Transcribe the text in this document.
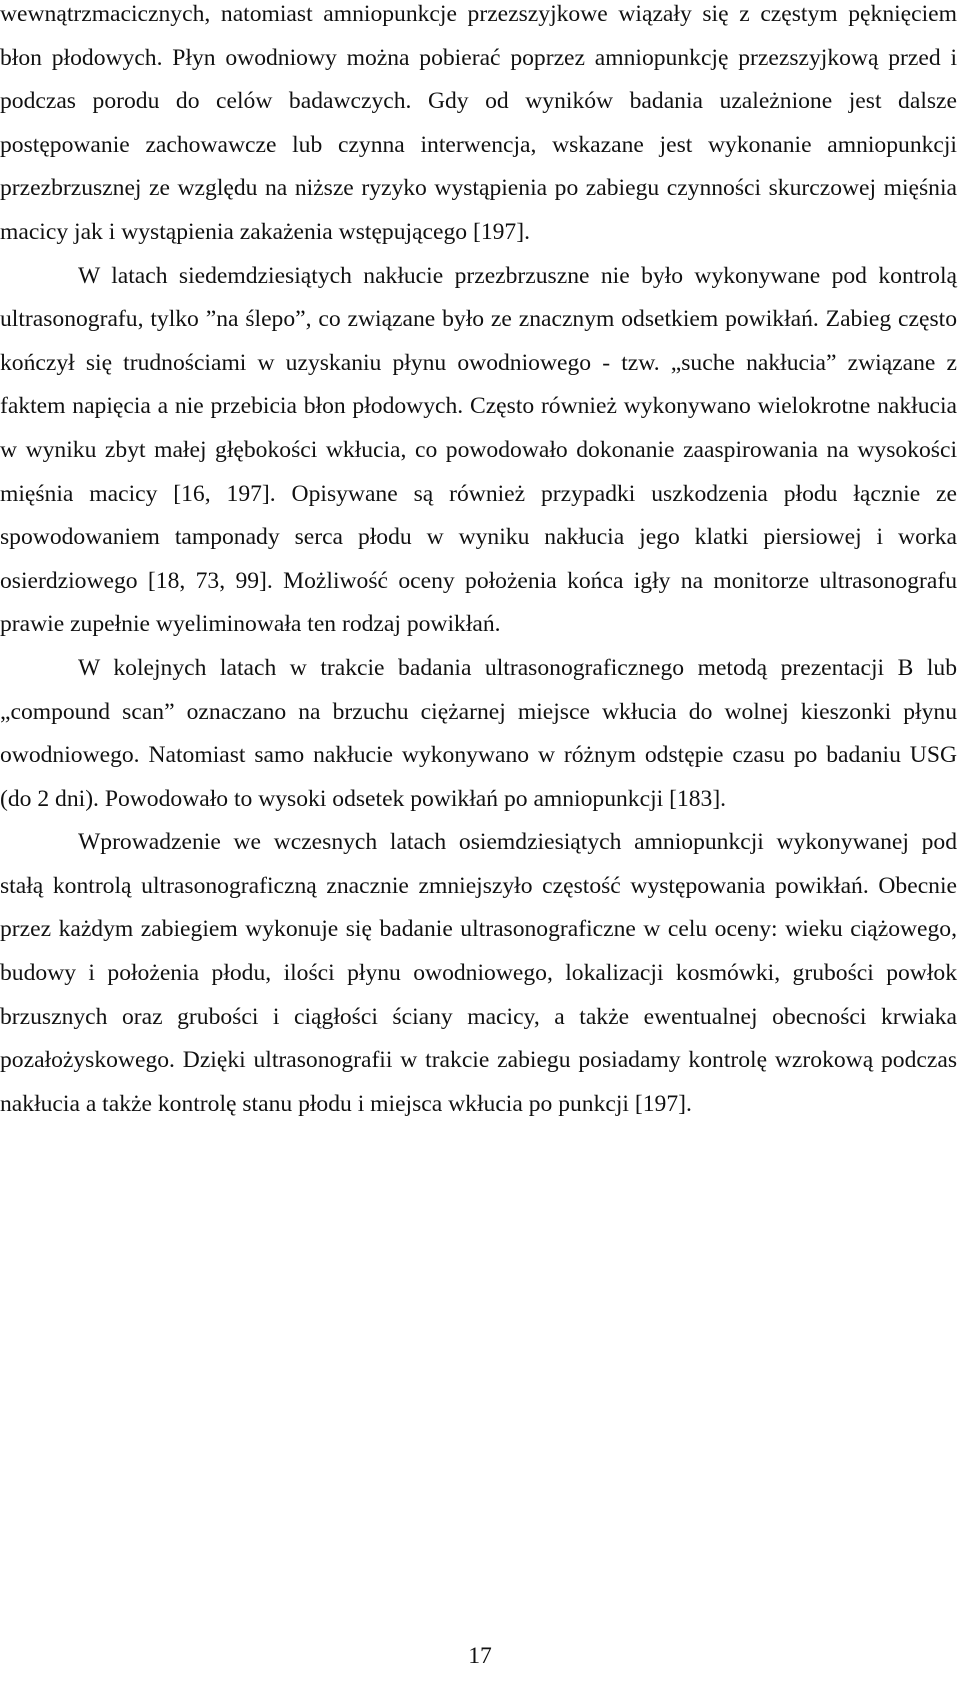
wewnątrzmacicznych, natomiast amniopunkcje przezszyjkowe wiązały się z częstym pęknięciem błon płodowych. Płyn owodniowy można pobierać poprzez amniopunkcję przezszyjkową przed i podczas porodu do celów badawczych. Gdy od wyników badania uzależnione jest dalsze postępowanie zachowawcze lub czynna interwencja, wskazane jest wykonanie amniopunkcji przezbrzusznej ze względu na niższe ryzyko wystąpienia po zabiegu czynności skurczowej mięśnia macicy jak i wystąpienia zakażenia wstępującego [197].

W latach siedemdziesiątych nakłucie przezbrzuszne nie było wykonywane pod kontrolą ultrasonografu, tylko ”na ślepo”, co związane było ze znacznym odsetkiem powikłań. Zabieg często kończył się trudnościami w uzyskaniu płynu owodniowego - tzw. „suche nakłucia” związane z faktem napięcia a nie przebicia błon płodowych. Często również wykonywano wielokrotne nakłucia w wyniku zbyt małej głębokości wkłucia, co powodowało dokonanie zaaspirowania na wysokości mięśnia macicy [16, 197]. Opisywane są również przypadki uszkodzenia płodu łącznie ze spowodowaniem tamponady serca płodu w wyniku nakłucia jego klatki piersiowej i worka osierdziowego [18, 73, 99]. Możliwość oceny położenia końca igły na monitorze ultrasonografu prawie zupełnie wyeliminowała ten rodzaj powikłań.

W kolejnych latach w trakcie badania ultrasonograficznego metodą prezentacji B lub „compound scan” oznaczano na brzuchu ciężarnej miejsce wkłucia do wolnej kieszonki płynu owodniowego. Natomiast samo nakłucie wykonywano w różnym odstępie czasu po badaniu USG (do 2 dni). Powodowało to wysoki odsetek powikłań po amniopunkcji [183].

Wprowadzenie we wczesnych latach osiemdziesiątych amniopunkcji wykonywanej pod stałą kontrolą ultrasonograficzną znacznie zmniejszyło częstość występowania powikłań. Obecnie przez każdym zabiegiem wykonuje się badanie ultrasonograficzne w celu oceny: wieku ciążowego, budowy i położenia płodu, ilości płynu owodniowego, lokalizacji kosmówki, grubości powłok brzusznych oraz grubości i ciągłości ściany macicy, a także ewentualnej obecności krwiaka pozałożyskowego. Dzięki ultrasonografii w trakcie zabiegu posiadamy kontrolę wzrokową podczas nakłucia a także kontrolę stanu płodu i miejsca wkłucia po punkcji [197].

17
